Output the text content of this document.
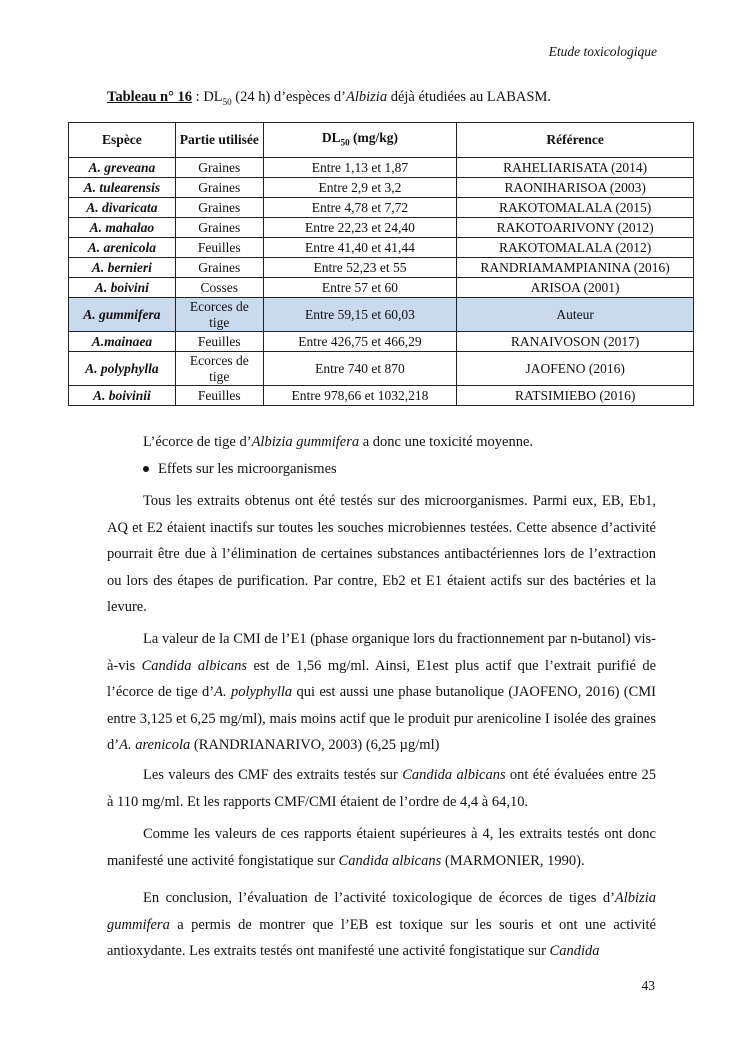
Etude toxicologique
Tableau n° 16 : $DL_{50}$ (24 h) d’espèces d’Albizia déjà étudiées au LABASM.
Espèce	Partie utilisée	$DL_{50}$ (mg/kg)	Référence
A. greveana	Graines	Entre 1,13 et 1,87	RAHELIARISATA (2014)
A. tulearensis	Graines	Entre 2,9 et 3,2	RAONIHARISOA (2003)
A. divaricata	Graines	Entre 4,78 et 7,72	RAKOTOMALALA (2015)
A. mahalao	Graines	Entre 22,23 et 24,40	RAKOTOARIVONY (2012)
A. arenicola	Feuilles	Entre 41,40 et 41,44	RAKOTOMALALA (2012)
A. bernieri	Graines	Entre 52,23 et 55	RANDRIAMAMPIANINA (2016)
A. boivini	Cosses	Entre 57 et 60	ARISOA (2001)
A. gummifera	Ecorces de tige	Entre 59,15 et 60,03	Auteur
A.mainaea	Feuilles	Entre 426,75 et 466,29	RANAIVOSON (2017)
A. polyphylla	Ecorces de tige	Entre 740 et 870	JAOFENO (2016)
A. boivinii	Feuilles	Entre 978,66 et 1032,218	RATSIMIEBO (2016)
L’écorce de tige d’Albizia gummifera a donc une toxicité moyenne.
Effets sur les microorganismes

Tous les extraits obtenus ont été testés sur des microorganismes. Parmi eux, EB, Eb1, AQ et E2 étaient inactifs sur toutes les souches microbiennes testées. Cette absence d’activité pourrait être due à l’élimination de certaines substances antibactériennes lors de l’extraction ou lors des étapes de purification. Par contre, Eb2 et E1 étaient actifs sur des bactéries et la levure.

La valeur de la CMI de l’E1 (phase organique lors du fractionnement par n-butanol) vis-à-vis Candida albicans est de 1,56 mg/ml. Ainsi, E1est plus actif que l’extrait purifié de l’écorce de tige d’A. polyphylla qui est aussi une phase butanolique (JAOFENO, 2016) (CMI entre 3,125 et 6,25 mg/ml), mais moins actif que le produit pur arenicoline I isolée des graines d’A. arenicola (RANDRIANARIVO, 2003) (6,25 µg/ml)

Les valeurs des CMF des extraits testés sur Candida albicans ont été évaluées entre 25 à 110 mg/ml. Et les rapports CMF/CMI étaient de l’ordre de 4,4 à 64,10.

Comme les valeurs de ces rapports étaient supérieures à 4, les extraits testés ont donc manifesté une activité fongistatique sur Candida albicans (MARMONIER, 1990).

En conclusion, l’évaluation de l’activité toxicologique de écorces de tiges d’Albizia gummifera a permis de montrer que l’EB est toxique sur les souris et ont une activité antioxydante. Les extraits testés ont manifesté une activité fongistatique sur Candida

43
